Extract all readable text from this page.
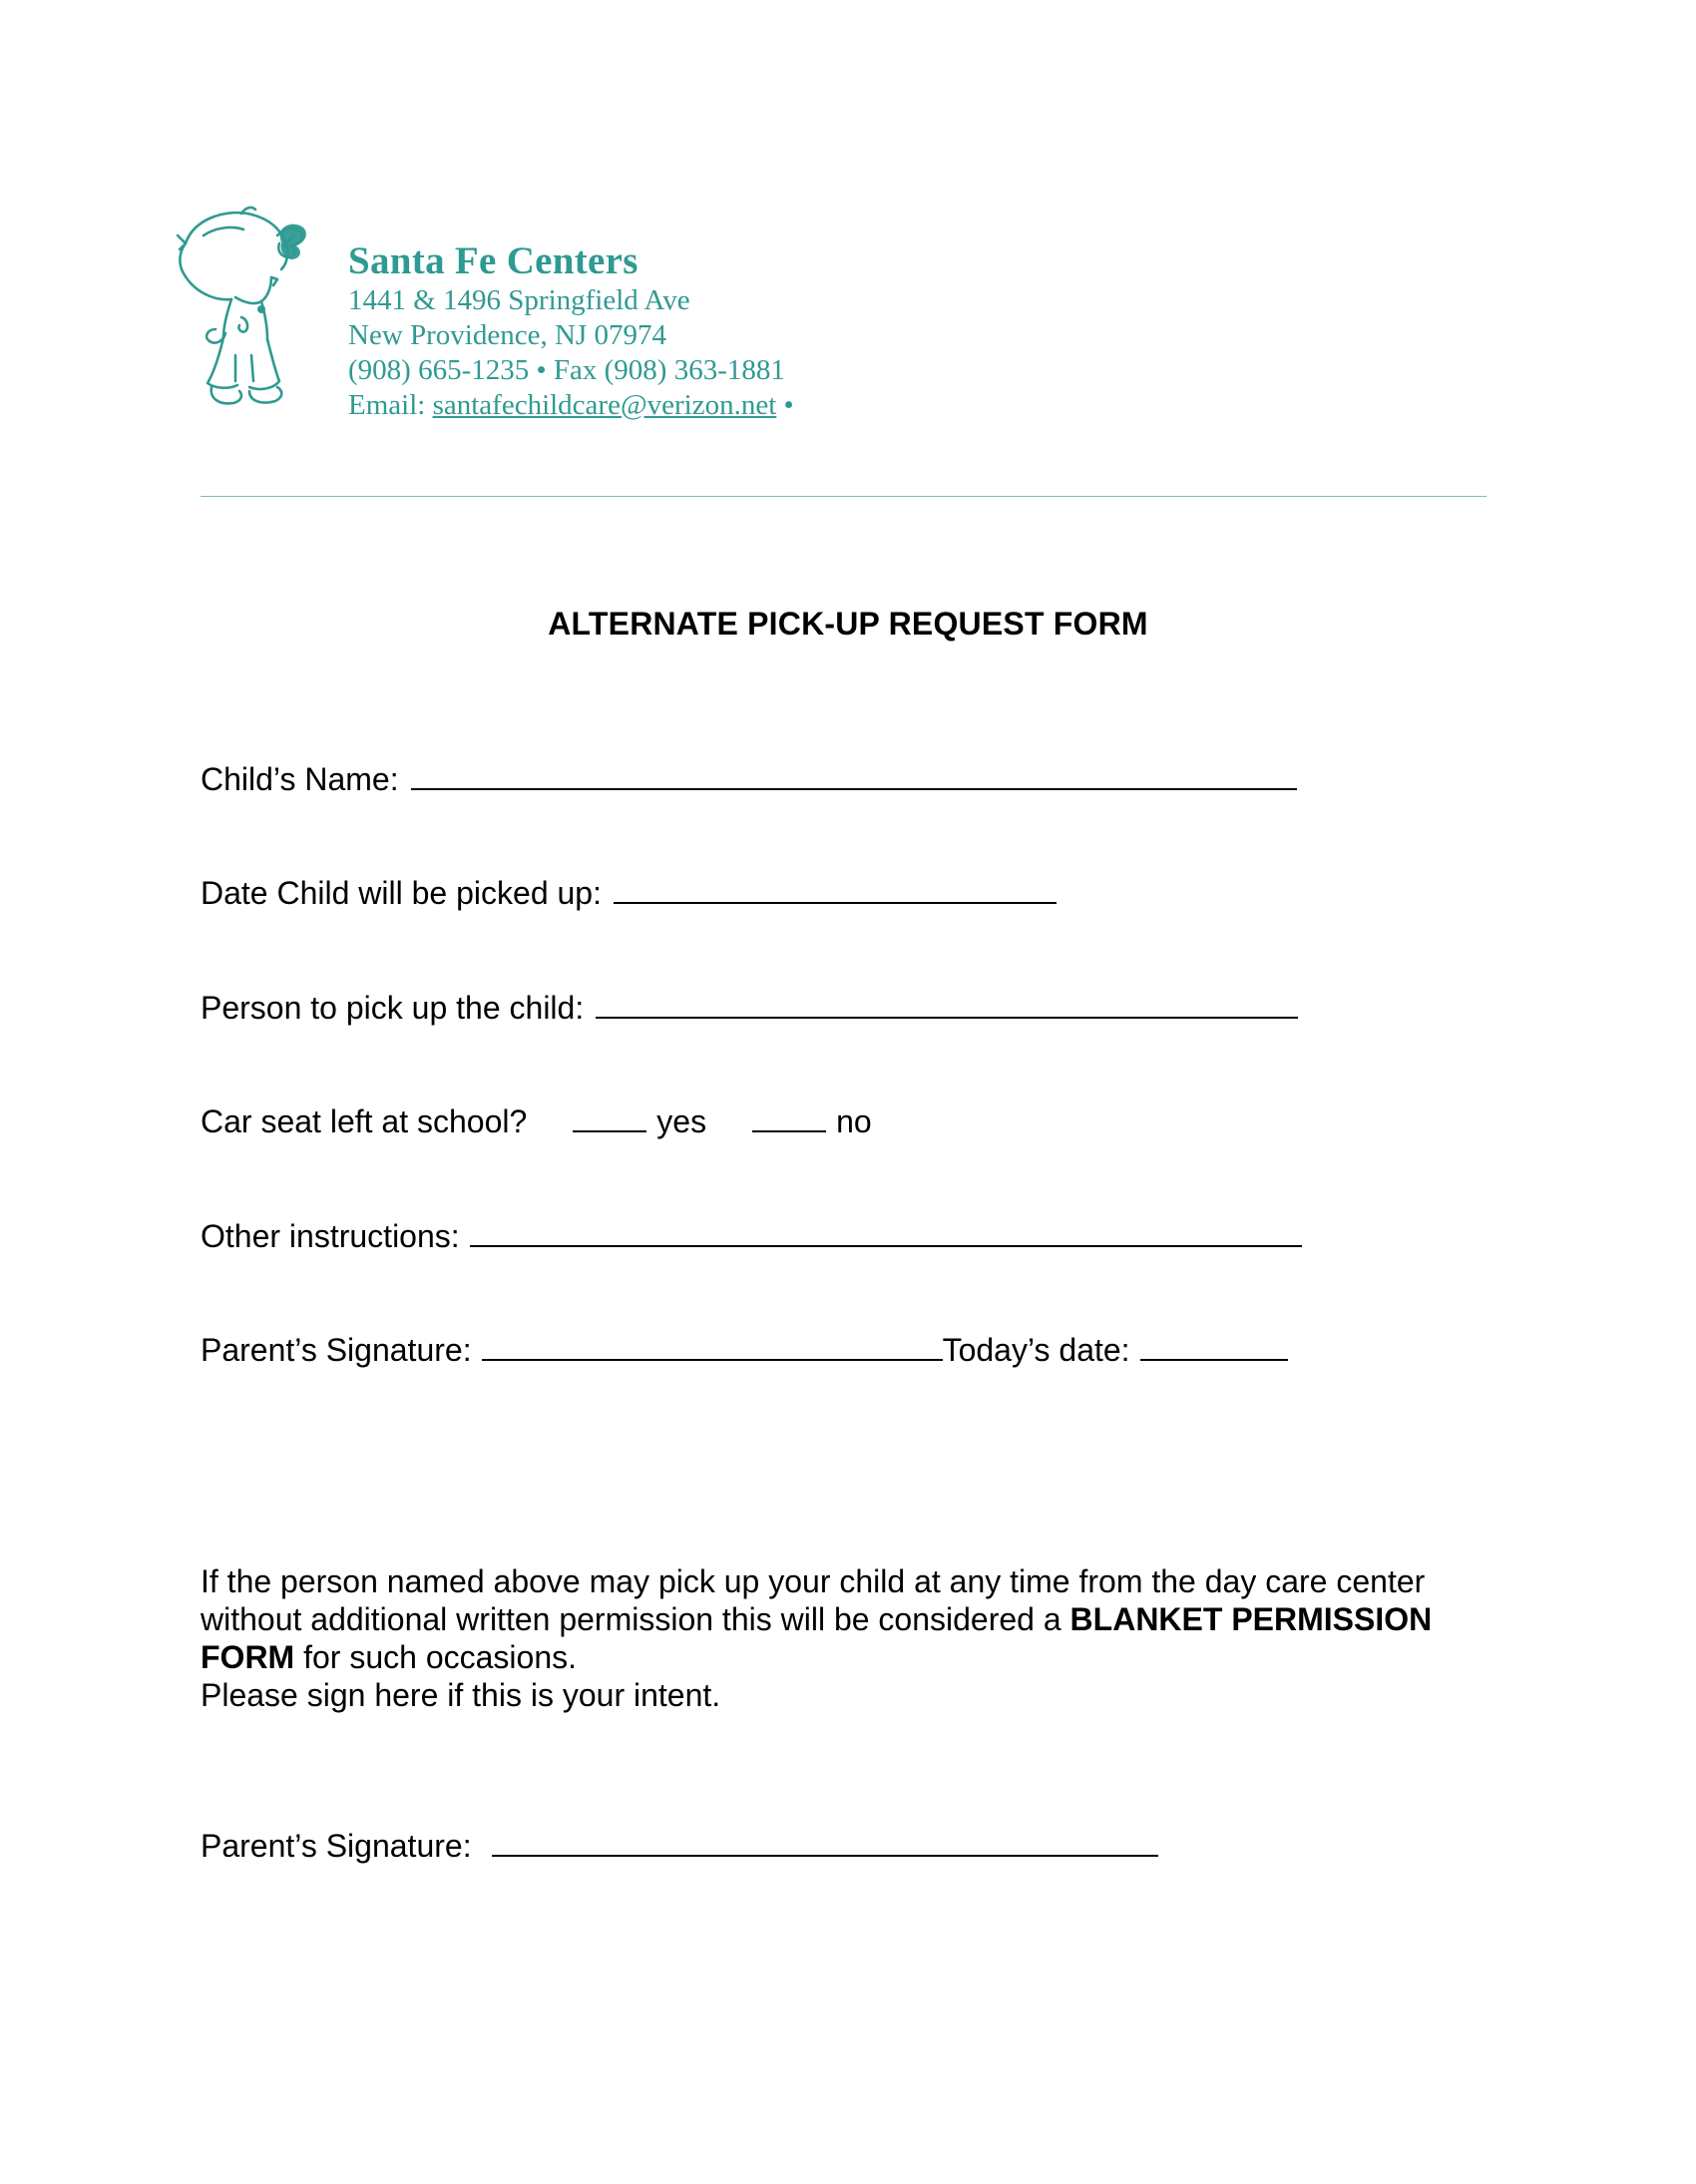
Santa Fe Centers
1441 & 1496 Springfield Ave
New Providence, NJ 07974
(908) 665-1235 • Fax (908) 363-1881
Email: santafechildcare@verizon.net •
ALTERNATE PICK-UP REQUEST FORM
Child’s Name:
Date Child will be picked up:
Person to pick up the child:
Car seat left at school?	yes	no
Other instructions:
Parent’s Signature:	Today’s date:
If the person named above may pick up your child at any time from the day care center
without additional written permission this will be considered a BLANKET PERMISSION
FORM for such occasions.
Please sign here if this is your intent.
Parent’s Signature:
